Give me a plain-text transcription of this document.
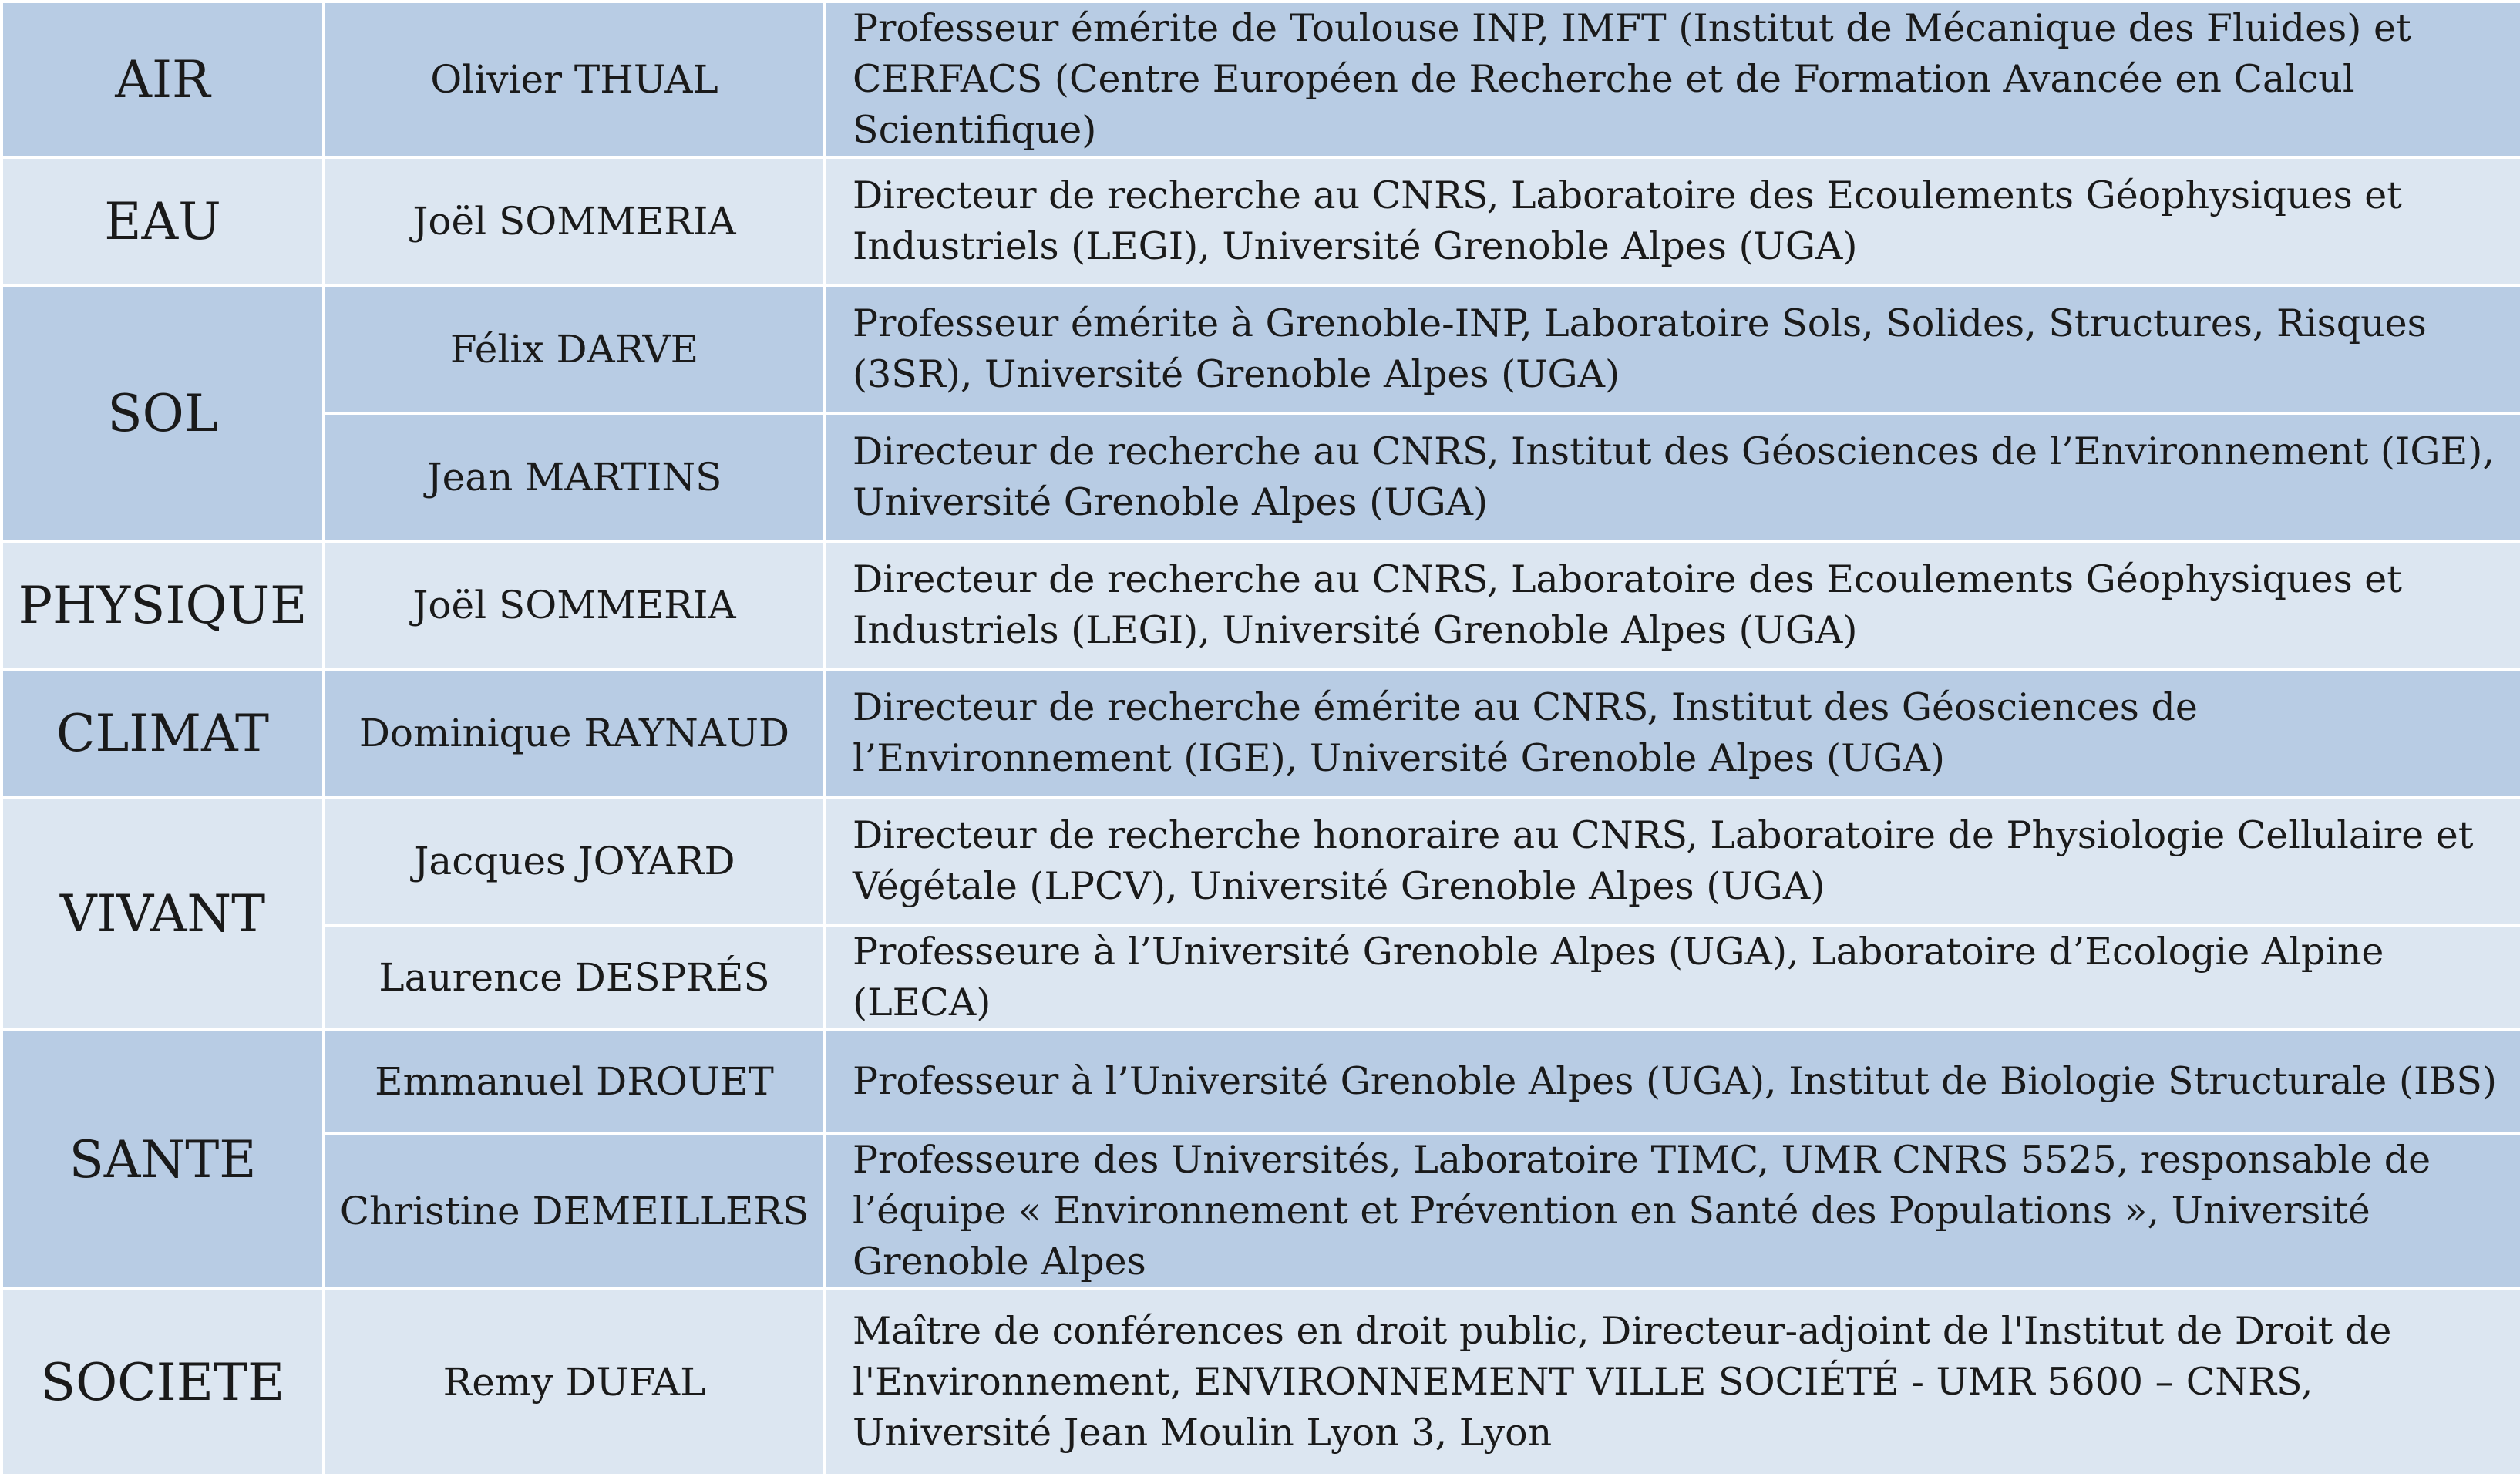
AIR	Olivier THUAL	Professeur émérite de Toulouse INP, IMFT (Institut de Mécanique des Fluides) et CERFACS (Centre Européen de Recherche et de Formation Avancée en Calcul Scientifique)
EAU	Joël SOMMERIA	Directeur de recherche au CNRS, Laboratoire des Ecoulements Géophysiques et Industriels (LEGI), Université Grenoble Alpes (UGA)
SOL	Félix DARVE	Professeur émérite à Grenoble-INP, Laboratoire Sols, Solides, Structures, Risques (3SR), Université Grenoble Alpes (UGA)
	Jean MARTINS	Directeur de recherche au CNRS, Institut des Géosciences de l’Environnement (IGE), Université Grenoble Alpes (UGA)
PHYSIQUE	Joël SOMMERIA	Directeur de recherche au CNRS, Laboratoire des Ecoulements Géophysiques et Industriels (LEGI), Université Grenoble Alpes (UGA)
CLIMAT	Dominique RAYNAUD	Directeur de recherche émérite au CNRS, Institut des Géosciences de l’Environnement (IGE), Université Grenoble Alpes (UGA)
VIVANT	Jacques JOYARD	Directeur de recherche honoraire au CNRS, Laboratoire de Physiologie Cellulaire et Végétale (LPCV), Université Grenoble Alpes (UGA)
	Laurence DESPRÉS	Professeure à l’Université Grenoble Alpes (UGA), Laboratoire d’Ecologie Alpine (LECA)
SANTE	Emmanuel DROUET	Professeur à l’Université Grenoble Alpes (UGA), Institut de Biologie Structurale (IBS)
	Christine DEMEILLERS	Professeure des Universités, Laboratoire TIMC, UMR CNRS 5525, responsable de l’équipe « Environnement et Prévention en Santé des Populations », Université Grenoble Alpes
SOCIETE	Remy DUFAL	Maître de conférences en droit public, Directeur-adjoint de l'Institut de Droit de l'Environnement, ENVIRONNEMENT VILLE SOCIÉTÉ - UMR 5600 – CNRS, Université Jean Moulin Lyon 3, Lyon
